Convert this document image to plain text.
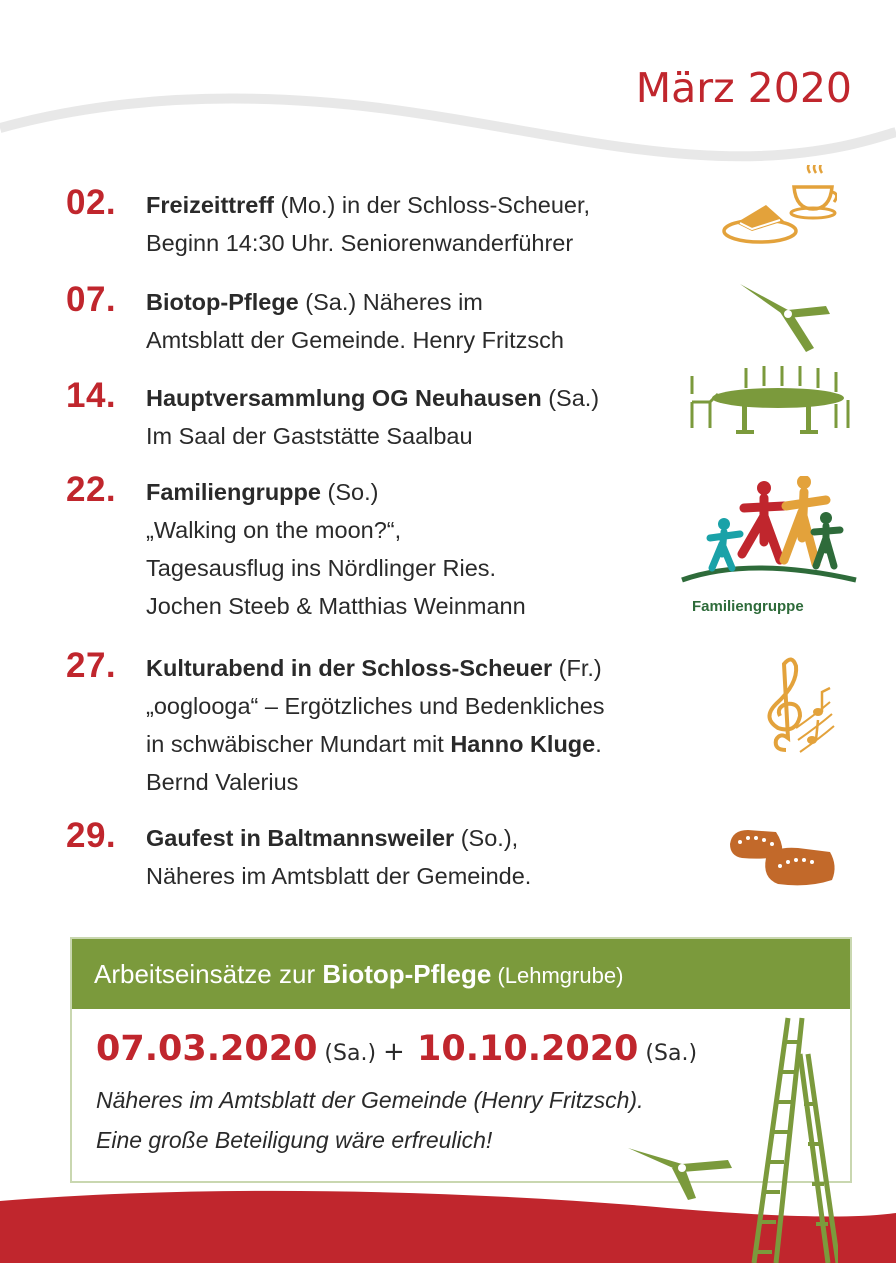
März 2020
02.	Freizeittreff (Mo.) in der Schloss-Scheuer,
Beginn 14:30 Uhr. Seniorenwanderführer
07.	Biotop-Pflege (Sa.) Näheres im
Amtsblatt der Gemeinde. Henry Fritzsch
14.	Hauptversammlung OG Neuhausen (Sa.)
Im Saal der Gaststätte Saalbau
22.	Familiengruppe (So.)
„Walking on the moon?“,
Tagesausflug ins Nördlinger Ries.
Jochen Steeb & Matthias Weinmann	Familiengruppe
27.	Kulturabend in der Schloss-Scheuer (Fr.)
„ooglooga“ – Ergötzliches und Bedenkliches
in schwäbischer Mundart mit Hanno Kluge.
Bernd Valerius
29.	Gaufest in Baltmannsweiler (So.),
Näheres im Amtsblatt der Gemeinde.
Arbeitseinsätze zur Biotop-Pflege (Lehmgrube)
07.03.2020 (Sa.) + 10.10.2020 (Sa.)
Näheres im Amtsblatt der Gemeinde (Henry Fritzsch).
Eine große Beteiligung wäre erfreulich!
